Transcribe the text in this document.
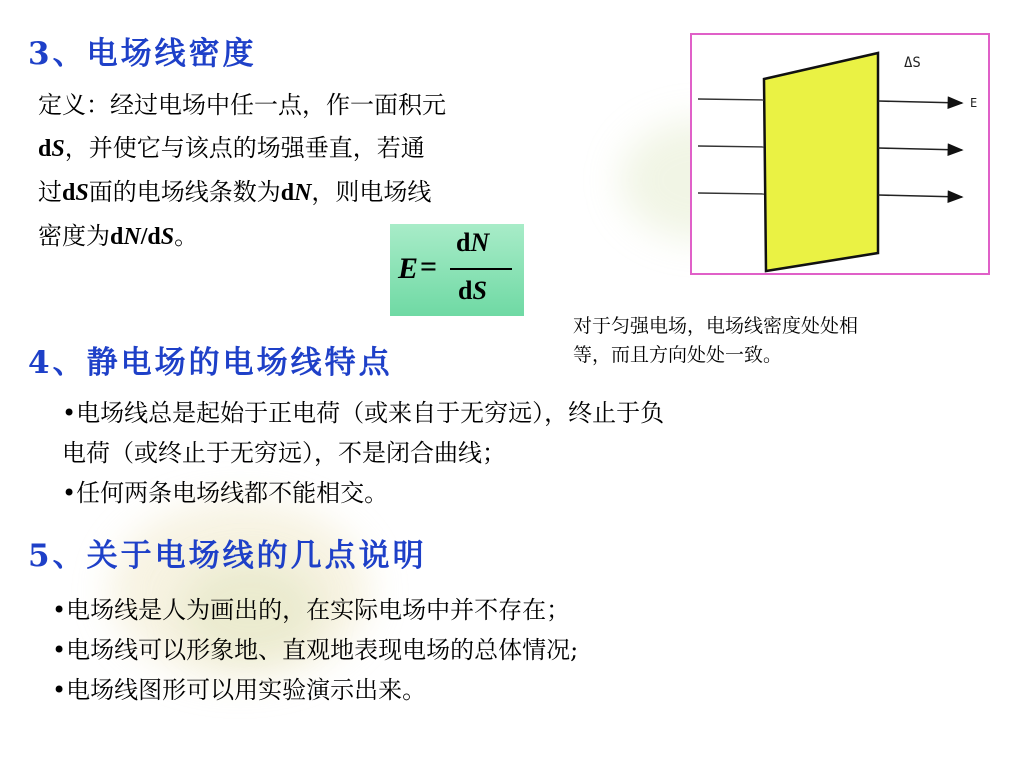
3、电场线密度
定义：经过电场中任一点，作一面积元
dS，并使它与该点的场强垂直，若通
过dS面的电场线条数为dN，则电场线
密度为dN/dS。
E =
dN
dS
ΔS
E
对于匀强电场，电场线密度处处相
等，而且方向处处一致。
4、静电场的电场线特点
•电场线总是起始于正电荷（或来自于无穷远），终止于负
电荷（或终止于无穷远），不是闭合曲线；
•任何两条电场线都不能相交。
5、关于电场线的几点说明
•电场线是人为画出的，在实际电场中并不存在；
•电场线可以形象地、直观地表现电场的总体情况;
•电场线图形可以用实验演示出来。
